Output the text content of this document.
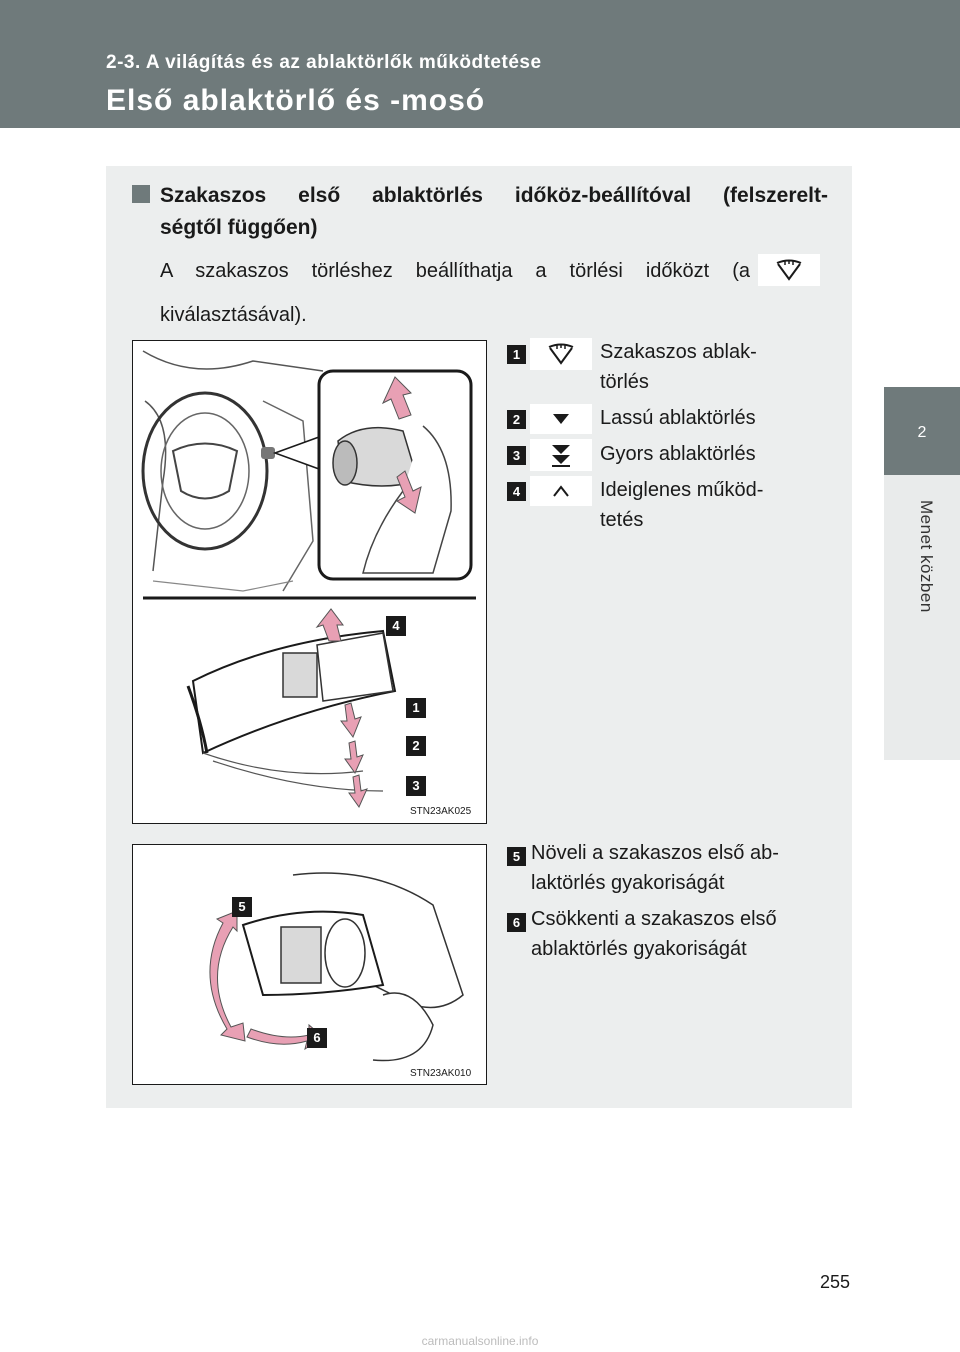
2-3. A világítás és az ablaktörlők működtetése
Első ablaktörlő és -mosó
2
Menet közben
Szakaszos első ablaktörlés időköz-beállítóval (felszerelt-
ségtől függően)
A szakaszos törléshez beállíthatja a törlési időközt (a
kiválasztásával).
1	Szakaszos ablak-
törlés
2	Lassú ablaktörlés
3	Gyors ablaktörlés
4	Ideiglenes működ-
tetés
4
1
2
3
STN23AK025
5 Növeli a szakaszos első ab-
laktörlés gyakoriságát
6 Csökkenti a szakaszos első
ablaktörlés gyakoriságát
5
6
STN23AK010
255
carmanualsonline.info
